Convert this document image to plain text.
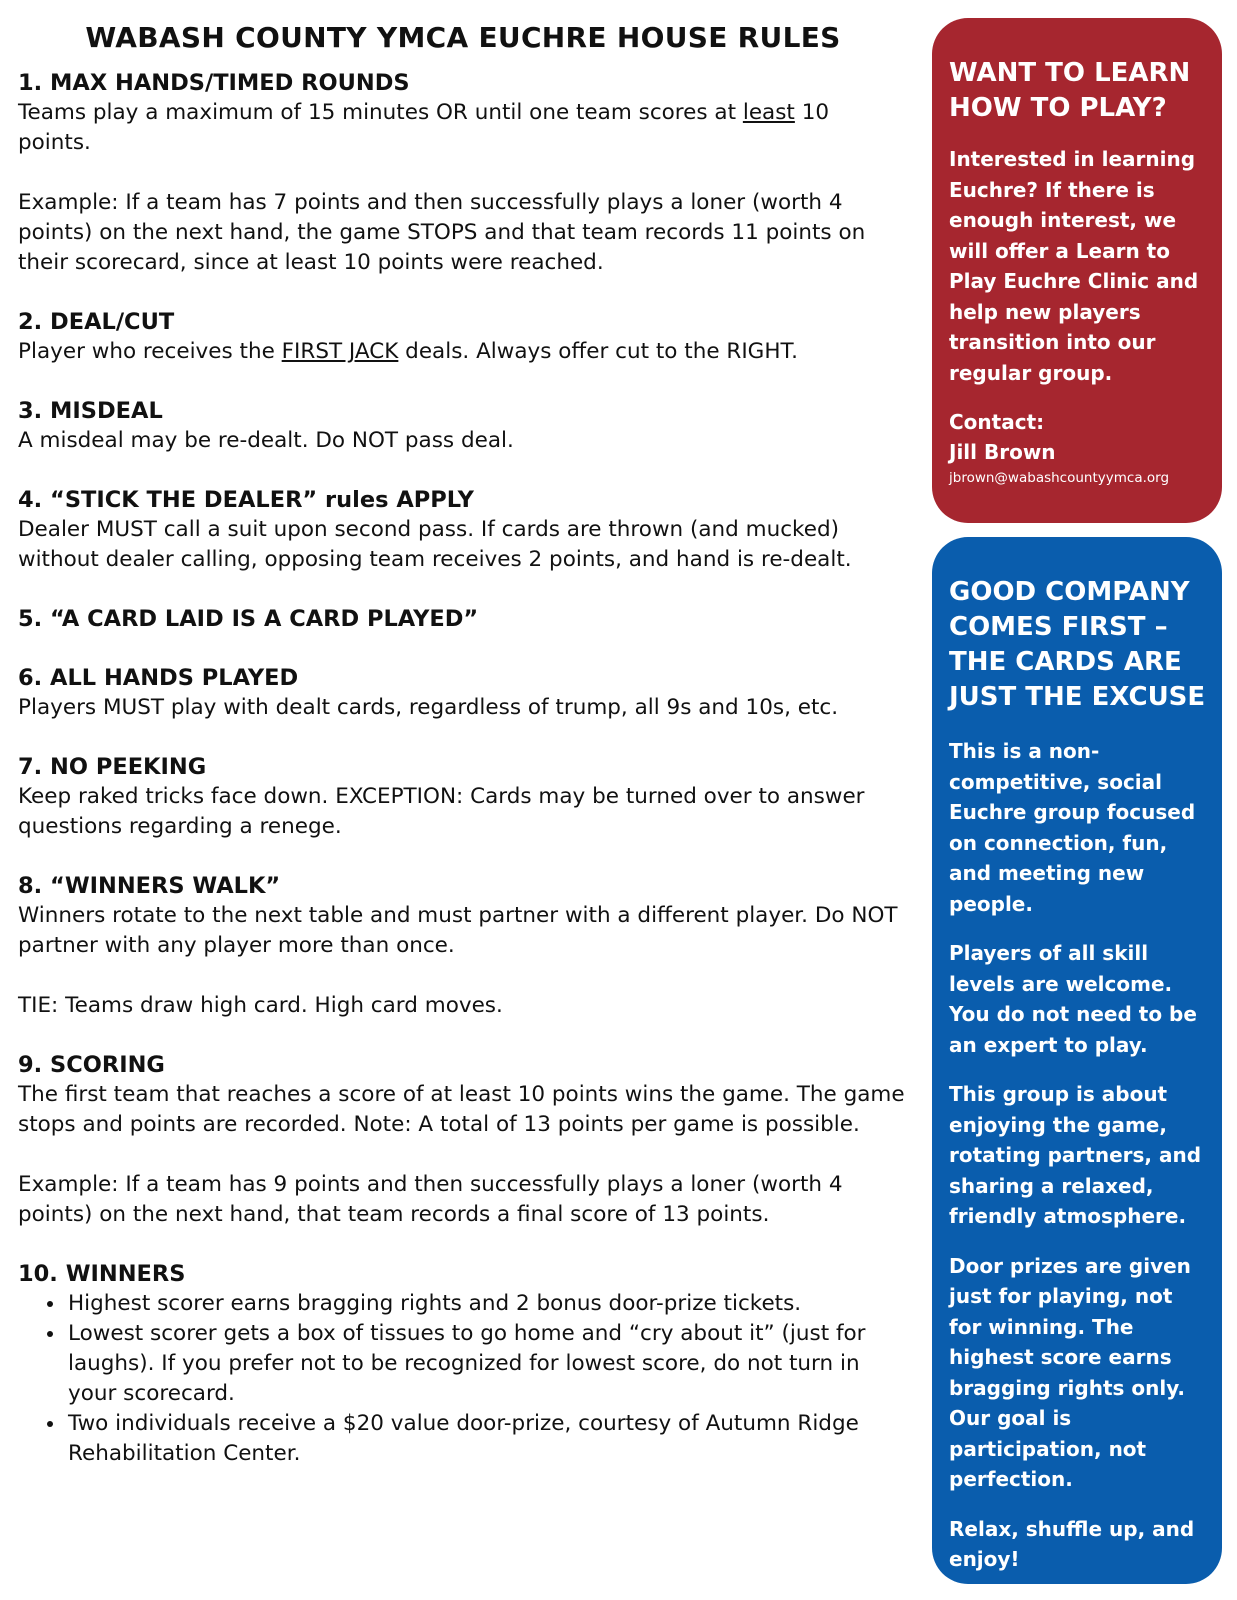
WABASH COUNTY YMCA EUCHRE HOUSE RULES
1. MAX HANDS/TIMED ROUNDS

Teams play a maximum of 15 minutes OR until one team scores at least 10 points.

Example: If a team has 7 points and then successfully plays a loner (worth 4 points) on the next hand, the game STOPS and that team records 11 points on their scorecard, since at least 10 points were reached.

2. DEAL/CUT

Player who receives the FIRST JACK deals. Always offer cut to the RIGHT.

3. MISDEAL

A misdeal may be re-dealt. Do NOT pass deal.

4. “STICK THE DEALER” rules APPLY

Dealer MUST call a suit upon second pass. If cards are thrown (and mucked) without dealer calling, opposing team receives 2 points, and hand is re-dealt.

5. “A CARD LAID IS A CARD PLAYED”
6. ALL HANDS PLAYED

Players MUST play with dealt cards, regardless of trump, all 9s and 10s, etc.

7. NO PEEKING

Keep raked tricks face down. EXCEPTION: Cards may be turned over to answer questions regarding a renege.

8. “WINNERS WALK”

Winners rotate to the next table and must partner with a different player. Do NOT partner with any player more than once.

TIE: Teams draw high card. High card moves.

9. SCORING

The first team that reaches a score of at least 10 points wins the game. The game stops and points are recorded. Note: A total of 13 points per game is possible.

Example: If a team has 9 points and then successfully plays a loner (worth 4 points) on the next hand, that team records a final score of 13 points.

10. WINNERS
• Highest scorer earns bragging rights and 2 bonus door-prize tickets.
• Lowest scorer gets a box of tissues to go home and “cry about it” (just for laughs). If you prefer not to be recognized for lowest score, do not turn in your scorecard.
• Two individuals receive a $20 value door-prize, courtesy of Autumn Ridge Rehabilitation Center.
WANT TO LEARN HOW TO PLAY?

Interested in learning Euchre? If there is enough interest, we will offer a Learn to Play Euchre Clinic and help new players transition into our regular group.

Contact:
Jill Brown
jbrown@wabashcountyymca.org
GOOD COMPANY COMES FIRST – THE CARDS ARE JUST THE EXCUSE

This is a non-competitive, social Euchre group focused on connection, fun, and meeting new people.

Players of all skill levels are welcome. You do not need to be an expert to play.

This group is about enjoying the game, rotating partners, and sharing a relaxed, friendly atmosphere.

Door prizes are given just for playing, not for winning. The highest score earns bragging rights only. Our goal is participation, not perfection.

Relax, shuffle up, and enjoy!
